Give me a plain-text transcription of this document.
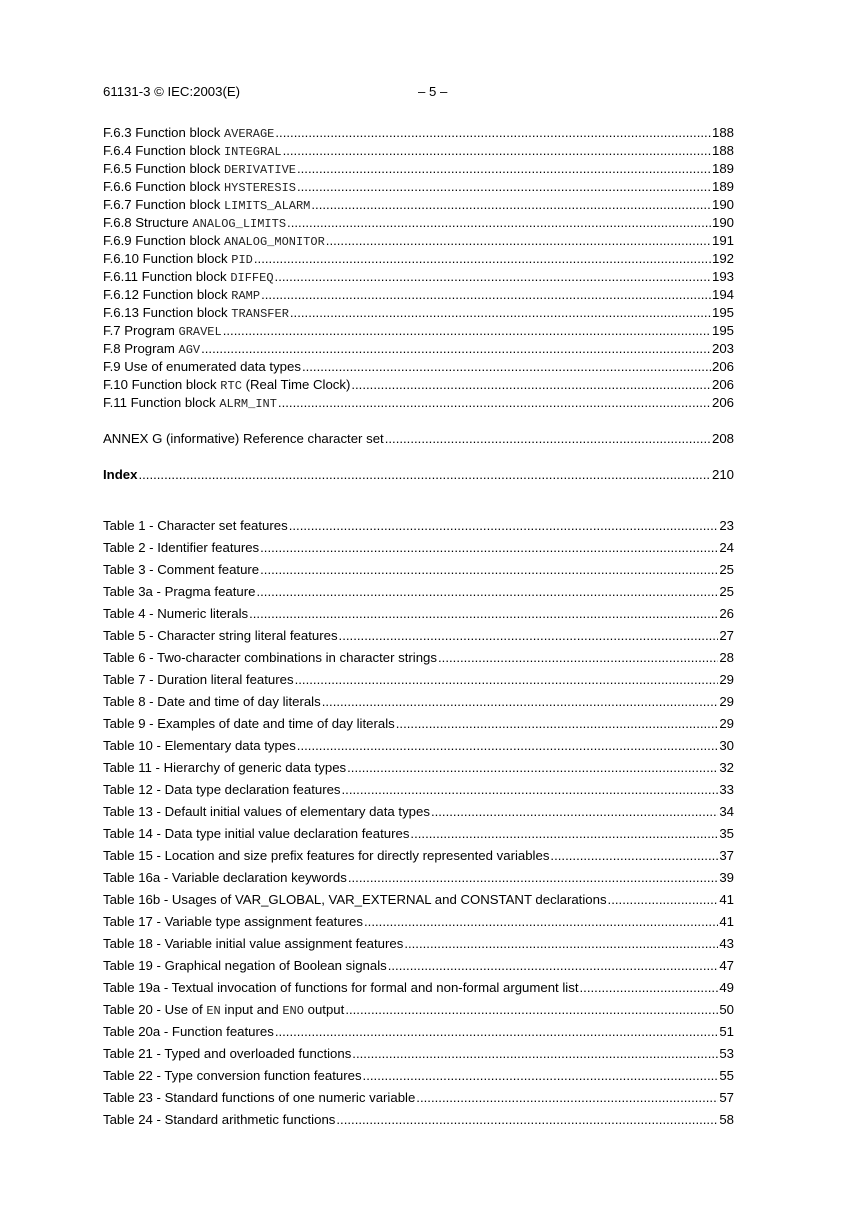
61131-3 © IEC:2003(E)	– 5 –
F.6.3 Function block AVERAGE .....	188
F.6.4 Function block INTEGRAL .....	188
F.6.5 Function block DERIVATIVE .....	189
F.6.6 Function block HYSTERESIS .....	189
F.6.7 Function block LIMITS_ALARM .....	190
F.6.8 Structure ANALOG_LIMITS .....	190
F.6.9 Function block ANALOG_MONITOR .....	191
F.6.10 Function block PID .....	192
F.6.11 Function block DIFFEQ .....	193
F.6.12 Function block RAMP .....	194
F.6.13 Function block TRANSFER .....	195
F.7 Program GRAVEL .....	195
F.8 Program AGV .....	203
F.9 Use of enumerated data types .....	206
F.10 Function block RTC (Real Time Clock) .....	206
F.11 Function block ALRM_INT .....	206
ANNEX G (informative) Reference character set .....	208
Index .....	210
Table 1 - Character set features .....	23
Table 2 - Identifier features .....	24
Table 3 - Comment feature .....	25
Table 3a - Pragma feature .....	25
Table 4 - Numeric literals .....	26
Table 5 - Character string literal features .....	27
Table 6 - Two-character combinations in character strings .....	28
Table 7 - Duration literal features .....	29
Table 8 - Date and time of day literals .....	29
Table 9 - Examples of date and time of day literals .....	29
Table 10 - Elementary data types .....	30
Table 11 - Hierarchy of generic data types .....	32
Table 12 - Data type declaration features .....	33
Table 13 - Default initial values of elementary data types .....	34
Table 14 - Data type initial value declaration features .....	35
Table 15 - Location and size prefix features for directly represented variables .....	37
Table 16a - Variable declaration keywords .....	39
Table 16b - Usages of VAR_GLOBAL, VAR_EXTERNAL and CONSTANT declarations .....	41
Table 17 - Variable type assignment features .....	41
Table 18 - Variable initial value assignment features .....	43
Table 19 - Graphical negation of Boolean signals .....	47
Table 19a - Textual invocation of functions for formal and non-formal argument list .....	49
Table 20 - Use of EN input and ENO output .....	50
Table 20a - Function features .....	51
Table 21 - Typed and overloaded functions .....	53
Table 22 - Type conversion function features .....	55
Table 23 - Standard functions of one numeric variable .....	57
Table 24 - Standard arithmetic functions .....	58
